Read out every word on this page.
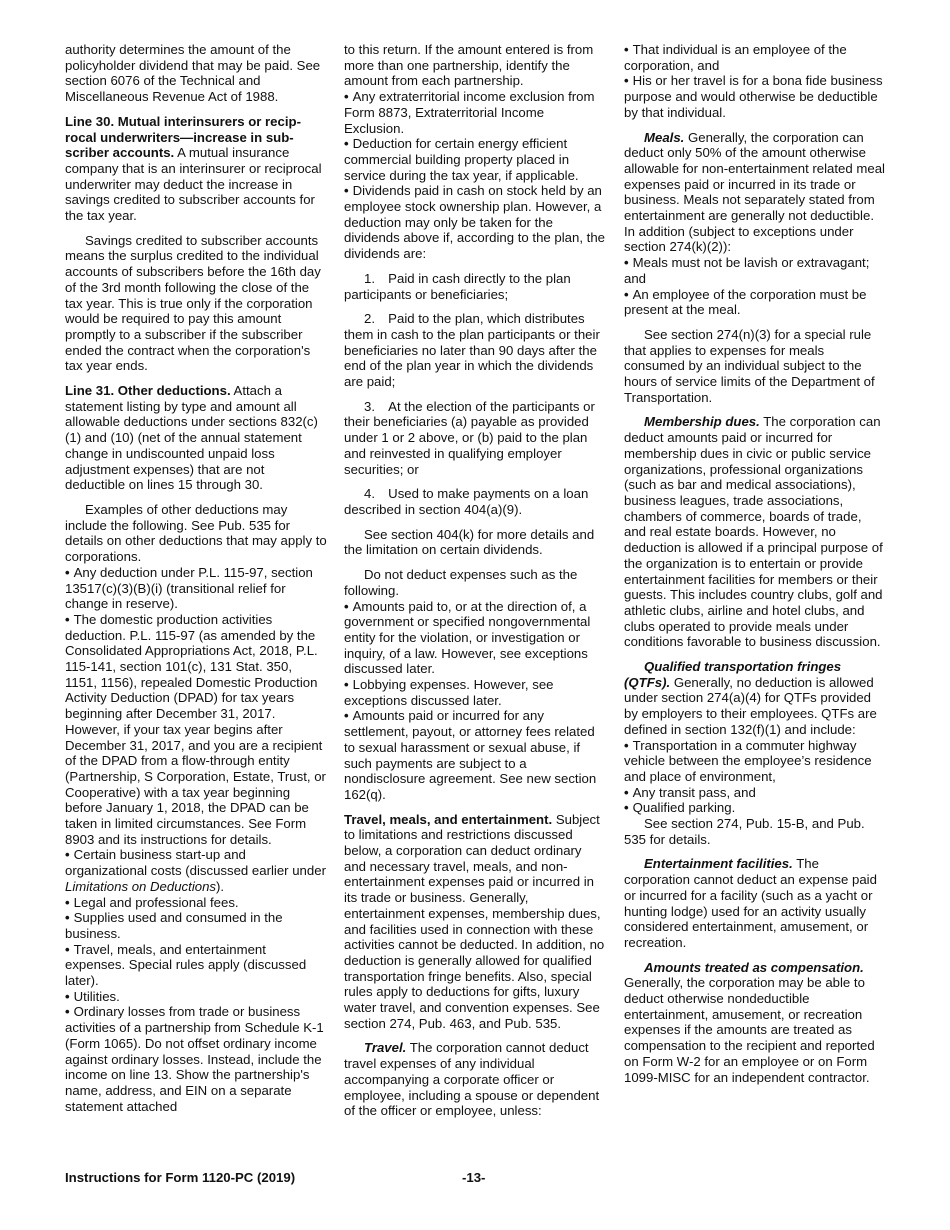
authority determines the amount of the policyholder dividend that may be paid. See section 6076 of the Technical and Miscellaneous Revenue Act of 1988.

Line 30. Mutual interinsurers or reciprocal underwriters—increase in subscriber accounts. A mutual insurance company that is an interinsurer or reciprocal underwriter may deduct the increase in savings credited to subscriber accounts for the tax year.

Savings credited to subscriber accounts means the surplus credited to the individual accounts of subscribers before the 16th day of the 3rd month following the close of the tax year. This is true only if the corporation would be required to pay this amount promptly to a subscriber if the subscriber ended the contract when the corporation's tax year ends.

Line 31. Other deductions. Attach a statement listing by type and amount all allowable deductions under sections 832(c)(1) and (10) (net of the annual statement change in undiscounted unpaid loss adjustment expenses) that are not deductible on lines 15 through 30.

Examples of other deductions may include the following. See Pub. 535 for details on other deductions that may apply to corporations.

• Any deduction under P.L. 115-97, section 13517(c)(3)(B)(i) (transitional relief for change in reserve).

• The domestic production activities deduction. P.L. 115-97 (as amended by the Consolidated Appropriations Act, 2018, P.L. 115-141, section 101(c), 131 Stat. 350, 1151, 1156), repealed Domestic Production Activity Deduction (DPAD) for tax years beginning after December 31, 2017. However, if your tax year begins after December 31, 2017, and you are a recipient of the DPAD from a flow-through entity (Partnership, S Corporation, Estate, Trust, or Cooperative) with a tax year beginning before January 1, 2018, the DPAD can be taken in limited circumstances. See Form 8903 and its instructions for details.

• Certain business start-up and organizational costs (discussed earlier under Limitations on Deductions).

• Legal and professional fees.

• Supplies used and consumed in the business.

• Travel, meals, and entertainment expenses. Special rules apply (discussed later).

• Utilities.

• Ordinary losses from trade or business activities of a partnership from Schedule K-1 (Form 1065). Do not offset ordinary income against ordinary losses. Instead, include the income on line 13. Show the partnership's name, address, and EIN on a separate statement attached

to this return. If the amount entered is from more than one partnership, identify the amount from each partnership.

• Any extraterritorial income exclusion from Form 8873, Extraterritorial Income Exclusion.

• Deduction for certain energy efficient commercial building property placed in service during the tax year, if applicable.

• Dividends paid in cash on stock held by an employee stock ownership plan. However, a deduction may only be taken for the dividends above if, according to the plan, the dividends are:

1. Paid in cash directly to the plan participants or beneficiaries;

2. Paid to the plan, which distributes them in cash to the plan participants or their beneficiaries no later than 90 days after the end of the plan year in which the dividends are paid;

3. At the election of the participants or their beneficiaries (a) payable as provided under 1 or 2 above, or (b) paid to the plan and reinvested in qualifying employer securities; or

4. Used to make payments on a loan described in section 404(a)(9).

See section 404(k) for more details and the limitation on certain dividends.

Do not deduct expenses such as the following.

• Amounts paid to, or at the direction of, a government or specified nongovernmental entity for the violation, or investigation or inquiry, of a law. However, see exceptions discussed later.

• Lobbying expenses. However, see exceptions discussed later.

• Amounts paid or incurred for any settlement, payout, or attorney fees related to sexual harassment or sexual abuse, if such payments are subject to a nondisclosure agreement. See new section 162(q).

Travel, meals, and entertainment. Subject to limitations and restrictions discussed below, a corporation can deduct ordinary and necessary travel, meals, and non-entertainment expenses paid or incurred in its trade or business. Generally, entertainment expenses, membership dues, and facilities used in connection with these activities cannot be deducted. In addition, no deduction is generally allowed for qualified transportation fringe benefits. Also, special rules apply to deductions for gifts, luxury water travel, and convention expenses. See section 274, Pub. 463, and Pub. 535.

Travel. The corporation cannot deduct travel expenses of any individual accompanying a corporate officer or employee, including a spouse or dependent of the officer or employee, unless:

• That individual is an employee of the corporation, and

• His or her travel is for a bona fide business purpose and would otherwise be deductible by that individual.

Meals. Generally, the corporation can deduct only 50% of the amount otherwise allowable for non-entertainment related meal expenses paid or incurred in its trade or business. Meals not separately stated from entertainment are generally not deductible. In addition (subject to exceptions under section 274(k)(2)):

• Meals must not be lavish or extravagant; and

• An employee of the corporation must be present at the meal.

See section 274(n)(3) for a special rule that applies to expenses for meals consumed by an individual subject to the hours of service limits of the Department of Transportation.

Membership dues. The corporation can deduct amounts paid or incurred for membership dues in civic or public service organizations, professional organizations (such as bar and medical associations), business leagues, trade associations, chambers of commerce, boards of trade, and real estate boards. However, no deduction is allowed if a principal purpose of the organization is to entertain or provide entertainment facilities for members or their guests. This includes country clubs, golf and athletic clubs, airline and hotel clubs, and clubs operated to provide meals under conditions favorable to business discussion.

Qualified transportation fringes (QTFs). Generally, no deduction is allowed under section 274(a)(4) for QTFs provided by employers to their employees. QTFs are defined in section 132(f)(1) and include:

• Transportation in a commuter highway vehicle between the employee’s residence and place of environment,

• Any transit pass, and

• Qualified parking.

See section 274, Pub. 15-B, and Pub. 535 for details.

Entertainment facilities. The corporation cannot deduct an expense paid or incurred for a facility (such as a yacht or hunting lodge) used for an activity usually considered entertainment, amusement, or recreation.

Amounts treated as compensation. Generally, the corporation may be able to deduct otherwise nondeductible entertainment, amusement, or recreation expenses if the amounts are treated as compensation to the recipient and reported on Form W-2 for an employee or on Form 1099-MISC for an independent contractor.

Instructions for Form 1120-PC (2019)	-13-
